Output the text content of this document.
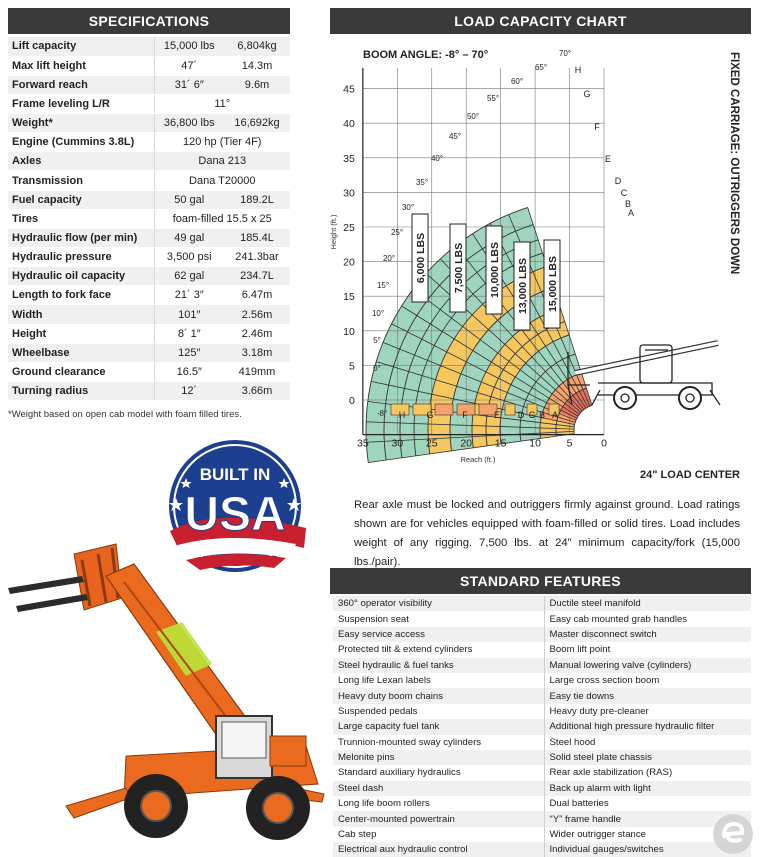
SPECIFICATIONS
Lift capacity	15,000 lbs	6,804kg
Max lift height	47´	14.3m
Forward reach	31´ 6″	9.6m
Frame leveling L/R	11°	
Weight*	36,800 lbs	16,692kg
Engine (Cummins 3.8L)	120 hp (Tier 4F)	
Axles	Dana 213	
Transmission	Dana T20000	
Fuel capacity	50 gal	189.2L
Tires	foam-filled 15.5 x 25	
Hydraulic flow (per min)	49 gal	185.4L
Hydraulic pressure	3,500 psi	241.3bar
Hydraulic oil capacity	62 gal	234.7L
Length to fork face	21´ 3″	6.47m
Width	101″	2.56m
Height	8´ 1″	2.46m
Wheelbase	125″	3.18m
Ground clearance	16.5″	419mm
Turning radius	12´	3.66m
*Weight based on open cab model with foam filled tires.
LOAD CAPACITY CHART
H G	F	E D C B A
H
G
F
E
D
C
B
A
6,000 LBS 7,500 LBS 10,000 LBS 13,000 LBS 15,000 LBS
70°
65°
60°
55°
50°
45°
40°
35°
30°
25°
20°
15°
10°
5°
0°
-8°
35 30 25 20 15 10 5	0
45
40
35
30
25
20
15
10
5
0
BOOM ANGLE: -8° – 70°	FIXED CARRIAGE: OUTRIGGERS DOWN
Reach (ft.)
Height (ft.)
24" LOAD CENTER
Rear axle must be locked and outriggers firmly against ground. Load ratings shown are for vehicles equipped with foam-filled or solid tires. Load includes weight of any rigging. 7,500 lbs. at 24" minimum capacity/fork (15,000 lbs./pair).
STANDARD FEATURES
360° operator visibility	Ductile steel manifold
Suspension seat	Easy cab mounted grab handles
Easy service access	Master disconnect switch
Protected tilt & extend cylinders	Boom lift point
Steel hydraulic & fuel tanks	Manual lowering valve (cylinders)
Long life Lexan labels	Large cross section boom
Heavy duty boom chains	Easy tie downs
Suspended pedals	Heavy duty pre-cleaner
Large capacity fuel tank	Additional high pressure hydraulic filter
Trunnion-mounted sway cylinders	Steel hood
Melonite pins	Solid steel plate chassis
Standard auxiliary hydraulics	Rear axle stabilization (RAS)
Steel dash	Back up alarm with light
Long life boom rollers	Dual batteries
Center-mounted powertrain	“Y” frame handle
Cab step	Wider outrigger stance
Electrical aux hydraulic control	Individual gauges/switches
BUILT IN
USA
